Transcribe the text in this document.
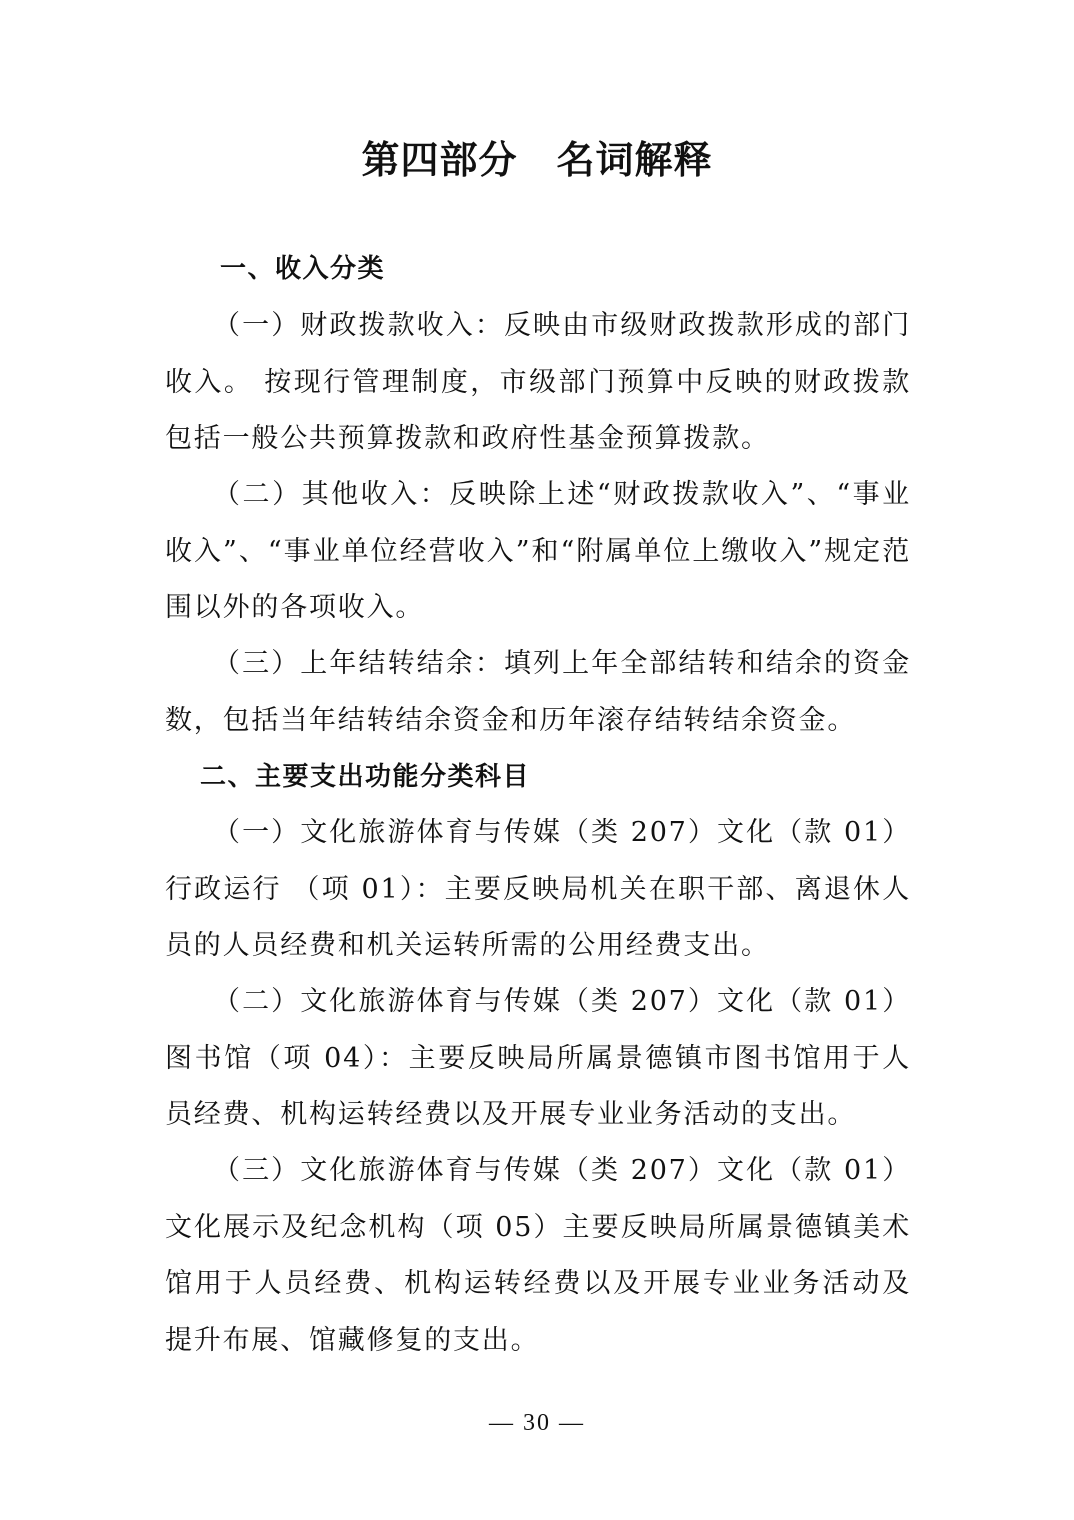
第四部分　名词解释
一、收入分类

（一）财政拨款收入：反映由市级财政拨款形成的部门收入。 按现行管理制度，市级部门预算中反映的财政拨款包括一般公共预算拨款和政府性基金预算拨款。

（二）其他收入：反映除上述“财政拨款收入”、“事业收入”、“事业单位经营收入”和“附属单位上缴收入”规定范围以外的各项收入。

（三）上年结转结余：填列上年全部结转和结余的资金数，包括当年结转结余资金和历年滚存结转结余资金。

二、主要支出功能分类科目

（一）文化旅游体育与传媒（类 207）文化（款 01）行政运行 （项 01）：主要反映局机关在职干部、离退休人员的人员经费和机关运转所需的公用经费支出。

（二）文化旅游体育与传媒（类 207）文化（款 01）图书馆（项 04）：主要反映局所属景德镇市图书馆用于人员经费、机构运转经费以及开展专业业务活动的支出。

（三）文化旅游体育与传媒（类 207）文化（款 01）文化展示及纪念机构（项 05）主要反映局所属景德镇美术馆用于人员经费、机构运转经费以及开展专业业务活动及提升布展、馆藏修复的支出。

— 30 —
